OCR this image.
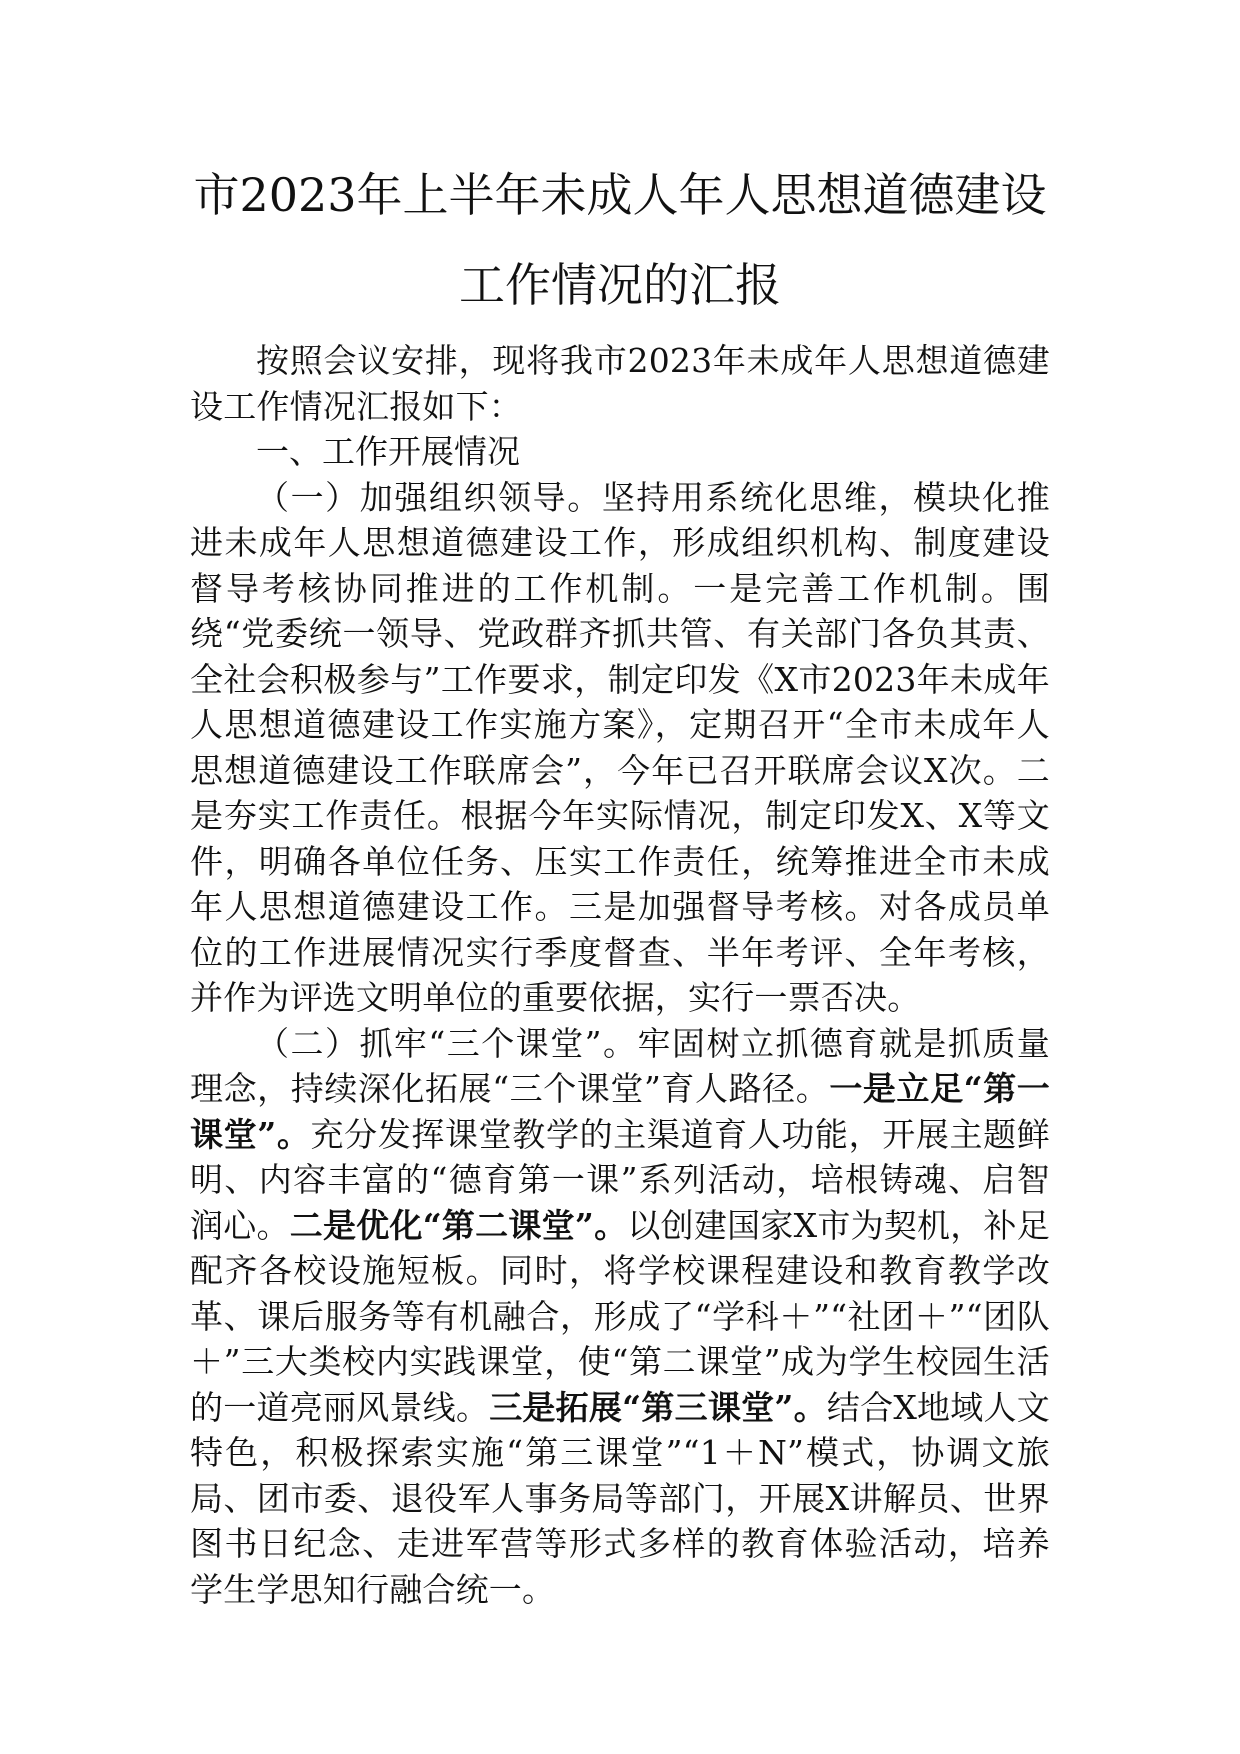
市2023年上半年未成人年人思想道德建设
工作情况的汇报

按照会议安排，现将我市2023年未成年人思想道德建设工作情况汇报如下：

一、工作开展情况

（一）加强组织领导。坚持用系统化思维，模块化推进未成年人思想道德建设工作，形成组织机构、制度建设督导考核协同推进的工作机制。一是完善工作机制。围绕“党委统一领导、党政群齐抓共管、有关部门各负其责、全社会积极参与”工作要求，制定印发《X市2023年未成年人思想道德建设工作实施方案》，定期召开“全市未成年人思想道德建设工作联席会”，今年已召开联席会议X次。二是夯实工作责任。根据今年实际情况，制定印发X、X等文件，明确各单位任务、压实工作责任，统筹推进全市未成年人思想道德建设工作。三是加强督导考核。对各成员单位的工作进展情况实行季度督查、半年考评、全年考核，并作为评选文明单位的重要依据，实行一票否决。

（二）抓牢“三个课堂”。牢固树立抓德育就是抓质量理念，持续深化拓展“三个课堂”育人路径。一是立足“第一课堂”。充分发挥课堂教学的主渠道育人功能，开展主题鲜明、内容丰富的“德育第一课”系列活动，培根铸魂、启智润心。二是优化“第二课堂”。以创建国家X市为契机，补足配齐各校设施短板。同时，将学校课程建设和教育教学改革、课后服务等有机融合，形成了“学科＋”“社团＋”“团队＋”三大类校内实践课堂，使“第二课堂”成为学生校园生活的一道亮丽风景线。三是拓展“第三课堂”。结合X地域人文特色，积极探索实施“第三课堂”“1＋N”模式，协调文旅局、团市委、退役军人事务局等部门，开展X讲解员、世界图书日纪念、走进军营等形式多样的教育体验活动，培养学生学思知行融合统一。
